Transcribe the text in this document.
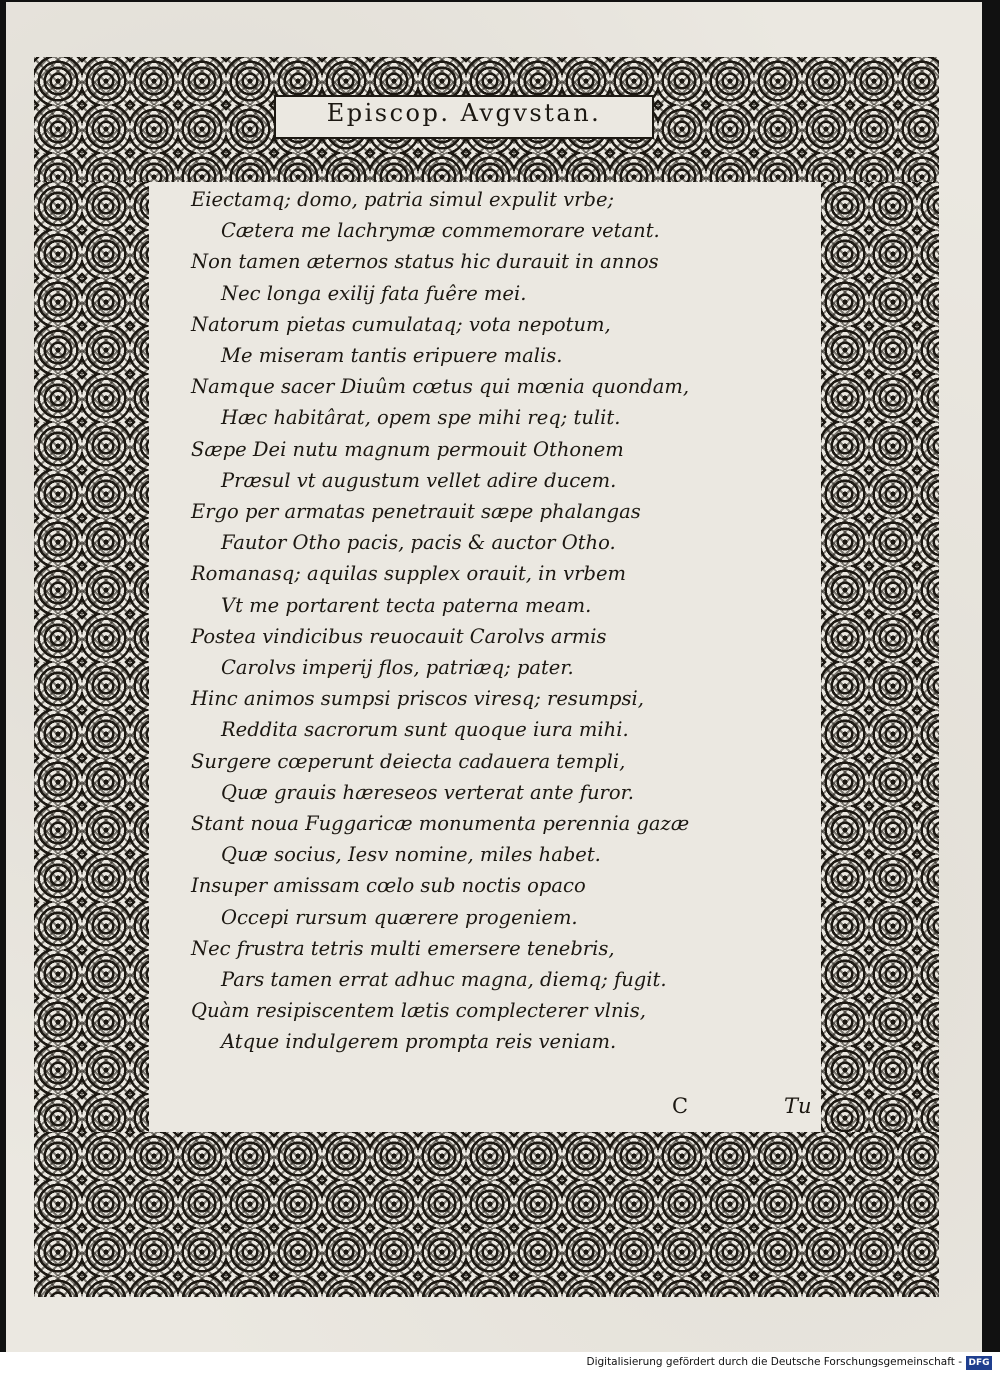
Episcop. Avgvstan.

Eiectamq; domo, patria simul expulit vrbe;

Cætera me lachrymæ commemorare vetant.

Non tamen æternos status hic durauit in annos

Nec longa exilij fata fuêre mei.

Natorum pietas cumulataq; vota nepotum,

Me miseram tantis eripuere malis.

Namque sacer Diuûm cœtus qui mœnia quondam,

Hæc habitârat, opem spe mihi req; tulit.

Sæpe Dei nutu magnum permouit Othonem

Præsul vt augustum vellet adire ducem.

Ergo per armatas penetrauit sæpe phalangas

Fautor Otho pacis, pacis & auctor Otho.

Romanasq; aquilas supplex orauit, in vrbem

Vt me portarent tecta paterna meam.

Postea vindicibus reuocauit Carolvs armis

Carolvs imperij flos, patriæq; pater.

Hinc animos sumpsi priscos viresq; resumpsi,

Reddita sacrorum sunt quoque iura mihi.

Surgere cœperunt deiecta cadauera templi,

Quæ grauis hæreseos verterat ante furor.

Stant noua Fuggaricæ monumenta perennia gazæ

Quæ socius, Iesv nomine, miles habet.

Insuper amissam cœlo sub noctis opaco

Occepi rursum quærere progeniem.

Nec frustra tetris multi emersere tenebris,

Pars tamen errat adhuc magna, diemq; fugit.

Quàm resipiscentem lætis complecterer vlnis,

Atque indulgerem prompta reis veniam.

C	Tu
Digitalisierung gefördert durch die Deutsche Forschungsgemeinschaft - DFG
